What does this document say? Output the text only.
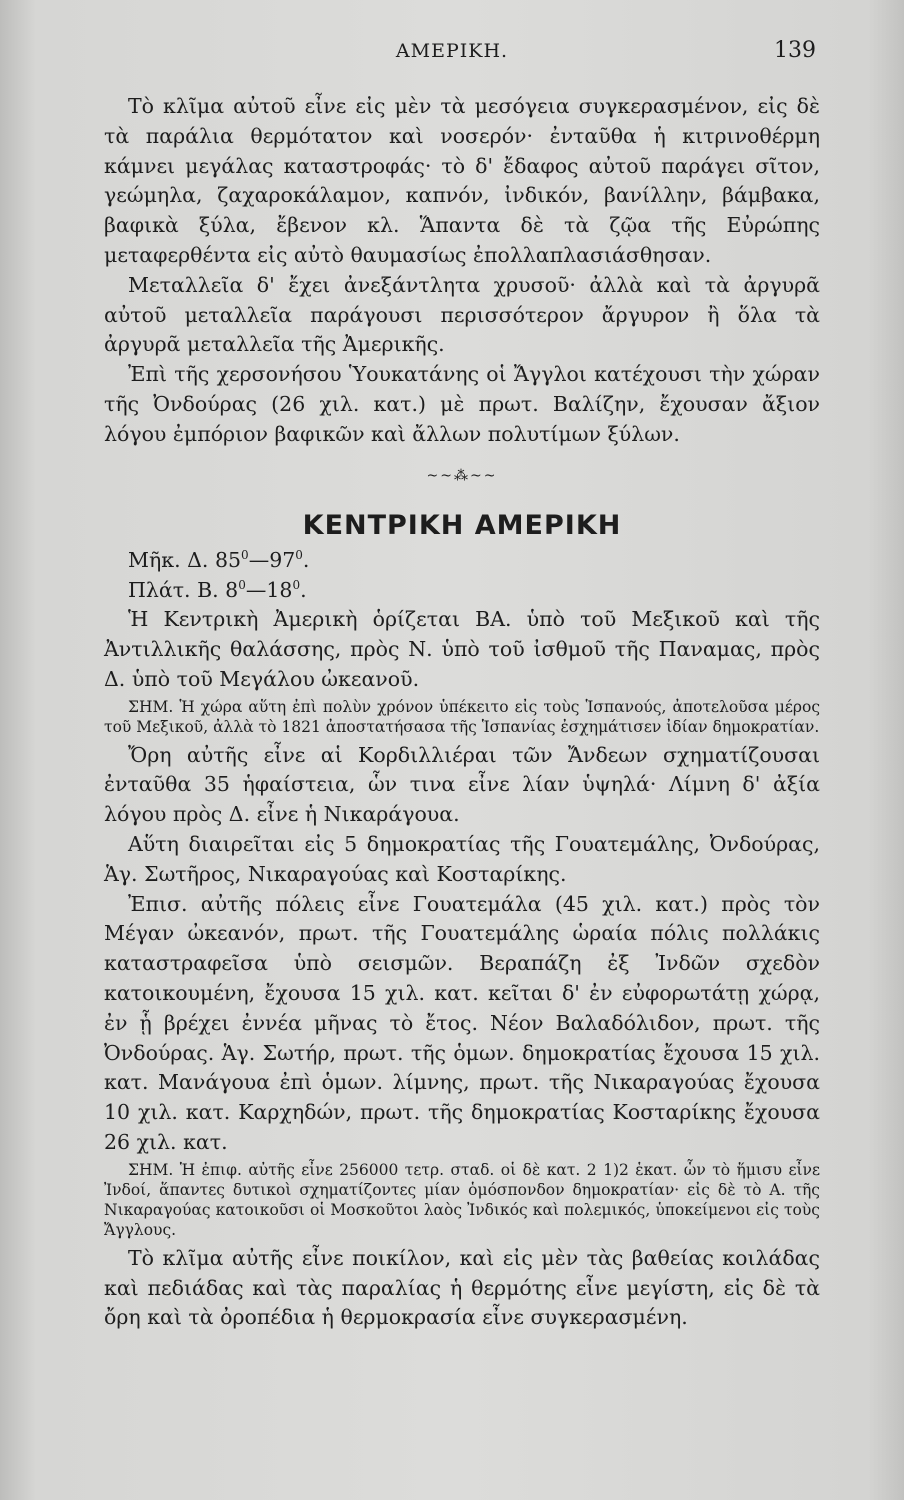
ΑΜΕΡΙΚΗ.	139

Τὸ κλῖμα αὐτοῦ εἶνε εἰς μὲν τὰ μεσόγεια συγκερασμένον, εἰς δὲ τὰ παράλια θερμότατον καὶ νοσερόν· ἐνταῦθα ἡ κιτρινοθέρμη κάμνει μεγάλας καταστροφάς· τὸ δ' ἔδαφος αὐτοῦ παράγει σῖτον, γεώμηλα, ζαχαροκάλαμον, καπνόν, ἰνδικόν, βανίλλην, βάμβακα, βαφικὰ ξύλα, ἔβενον κλ. Ἅπαντα δὲ τὰ ζῷα τῆς Εὐρώπης μεταφερθέντα εἰς αὐτὸ θαυμασίως ἐπολλαπλασιάσθησαν.

Μεταλλεῖα δ' ἔχει ἀνεξάντλητα χρυσοῦ· ἀλλὰ καὶ τὰ ἀργυρᾶ αὐτοῦ μεταλλεῖα παράγουσι περισσότερον ἄργυρον ἢ ὅλα τὰ ἀργυρᾶ μεταλλεῖα τῆς Ἀμερικῆς.

Ἐπὶ τῆς χερσονήσου Ὑουκατάνης οἱ Ἄγγλοι κατέχουσι τὴν χώραν τῆς Ὀνδούρας (26 χιλ. κατ.) μὲ πρωτ. Βαλίζην, ἔχουσαν ἄξιον λόγου ἐμπόριον βαφικῶν καὶ ἄλλων πολυτίμων ξύλων.

~~⁂~~
ΚΕΝΤΡΙΚΗ ΑΜΕΡΙΚΗ
Μῆκ. Δ. $85^0—97^0$.
Πλάτ. Β. $8^0—18^0$.

Ἡ Κεντρικὴ Ἀμερικὴ ὁρίζεται ΒΑ. ὑπὸ τοῦ Μεξικοῦ καὶ τῆς Ἀντιλλικῆς θαλάσσης, πρὸς Ν. ὑπὸ τοῦ ἰσθμοῦ τῆς Παναμας, πρὸς Δ. ὑπὸ τοῦ Μεγάλου ὠκεανοῦ.

ΣΗΜ. Ἡ χώρα αὕτη ἐπὶ πολὺν χρόνον ὑπέκειτο εἰς τοὺς Ἱσπανούς, ἀποτελοῦσα μέρος τοῦ Μεξικοῦ, ἀλλὰ τὸ 1821 ἀποστατήσασα τῆς Ἱσπανίας ἐσχημάτισεν ἰδίαν δημοκρατίαν.

Ὄρη αὐτῆς εἶνε αἱ Κορδιλλιέραι τῶν Ἄνδεων σχηματίζουσαι ἐνταῦθα 35 ἡφαίστεια, ὧν τινα εἶνε λίαν ὑψηλά· Λίμνη δ' ἀξία λόγου πρὸς Δ. εἶνε ἡ Νικαράγουα.

Αὕτη διαιρεῖται εἰς 5 δημοκρατίας τῆς Γουατεμάλης, Ὀνδούρας, Ἁγ. Σωτῆρος, Νικαραγούας καὶ Κοσταρίκης.

Ἐπισ. αὐτῆς πόλεις εἶνε Γουατεμάλα (45 χιλ. κατ.) πρὸς τὸν Μέγαν ὠκεανόν, πρωτ. τῆς Γουατεμάλης ὡραία πόλις πολλάκις καταστραφεῖσα ὑπὸ σεισμῶν. Βεραπάζη ἐξ Ἰνδῶν σχεδὸν κατοικουμένη, ἔχουσα 15 χιλ. κατ. κεῖται δ' ἐν εὐφορωτάτῃ χώρᾳ, ἐν ᾗ βρέχει ἐννέα μῆνας τὸ ἔτος. Νέον Βαλαδόλιδον, πρωτ. τῆς Ὀνδούρας. Ἁγ. Σωτήρ, πρωτ. τῆς ὁμων. δημοκρατίας ἔχουσα 15 χιλ. κατ. Μανάγουα ἐπὶ ὁμων. λίμνης, πρωτ. τῆς Νικαραγούας ἔχουσα 10 χιλ. κατ. Καρχηδών, πρωτ. τῆς δημοκρατίας Κοσταρίκης ἔχουσα 26 χιλ. κατ.

ΣΗΜ. Ἡ ἐπιφ. αὐτῆς εἶνε 256000 τετρ. σταδ. οἱ δὲ κατ. 2 1)2 ἑκατ. ὧν τὸ ἥμισυ εἶνε Ἰνδοί, ἅπαντες δυτικοὶ σχηματίζοντες μίαν ὁμόσπονδον δημοκρατίαν· εἰς δὲ τὸ Α. τῆς Νικαραγούας κατοικοῦσι οἱ Μοσκοῦτοι λαὸς Ἰνδικός καὶ πολεμικός, ὑποκείμενοι εἰς τοὺς Ἄγγλους.

Τὸ κλῖμα αὐτῆς εἶνε ποικίλον, καὶ εἰς μὲν τὰς βαθείας κοιλάδας καὶ πεδιάδας καὶ τὰς παραλίας ἡ θερμότης εἶνε μεγίστη, εἰς δὲ τὰ ὄρη καὶ τὰ ὀροπέδια ἡ θερμοκρασία εἶνε συγκερασμένη.
